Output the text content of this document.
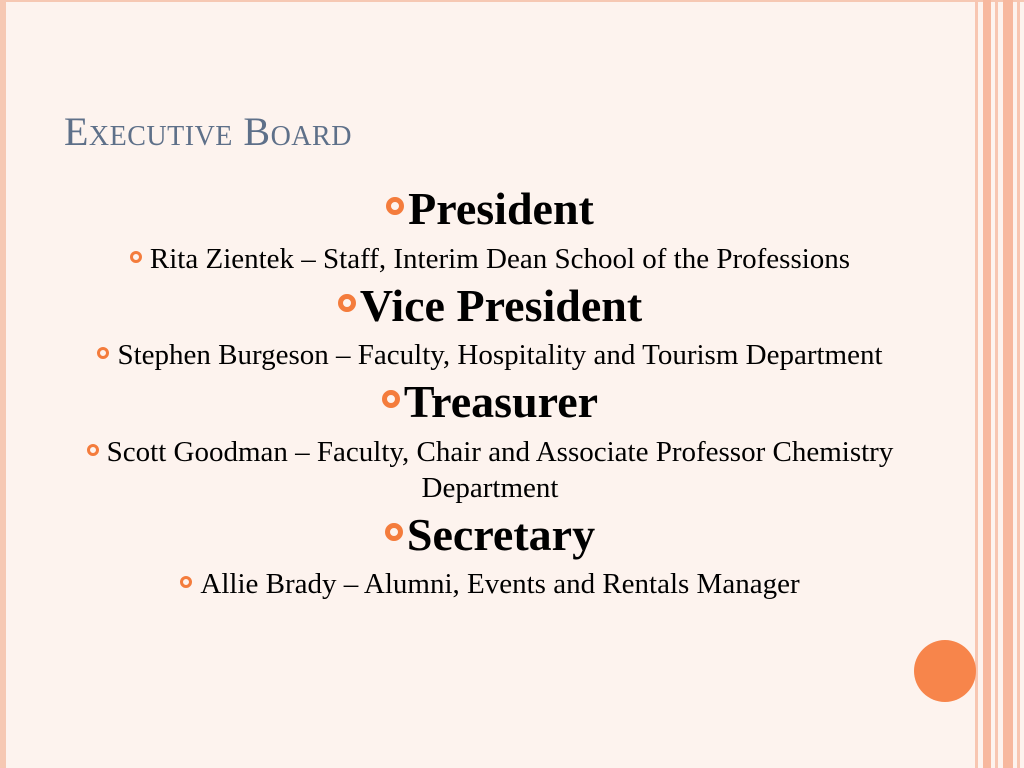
Executive Board
President
Rita Zientek – Staff, Interim Dean School of the Professions
Vice President
Stephen Burgeson – Faculty, Hospitality and Tourism Department
Treasurer
Scott Goodman – Faculty, Chair and Associate Professor Chemistry Department
Secretary
Allie Brady – Alumni, Events and Rentals Manager
